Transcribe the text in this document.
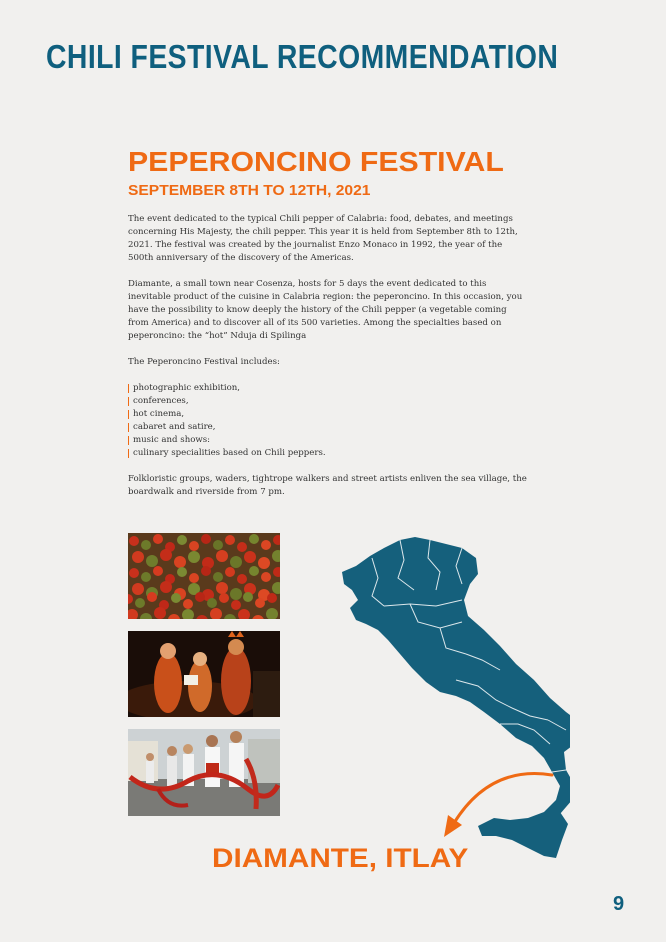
CHILI FESTIVAL RECOMMENDATION
PEPERONCINO FESTIVAL
SEPTEMBER 8TH TO 12TH, 2021

The event dedicated to the typical Chili pepper of Calabria: food, debates, and meetings concerning His Majesty, the chili pepper. This year it is held from September 8th to 12th, 2021. The festival was created by the journalist Enzo Monaco in 1992, the year of the 500th anniversary of the discovery of the Americas.

Diamante, a small town near Cosenza, hosts for 5 days the event dedicated to this inevitable product of the cuisine in Calabria region: the peperoncino. In this occasion, you have the possibility to know deeply the history of the Chili pepper (a vegetable coming from America) and to discover all of its 500 varieties. Among the specialties based on peperoncino: the “hot” Nduja di Spilinga

The Peperoncino Festival includes:

photographic exhibition,
conferences,
hot cinema,
cabaret and satire,
music and shows:
culinary specialities based on Chili peppers.

Folkloristic groups, waders, tightrope walkers and street artists enliven the sea village, the boardwalk and riverside from 7 pm.

DIAMANTE, ITLAY
9
